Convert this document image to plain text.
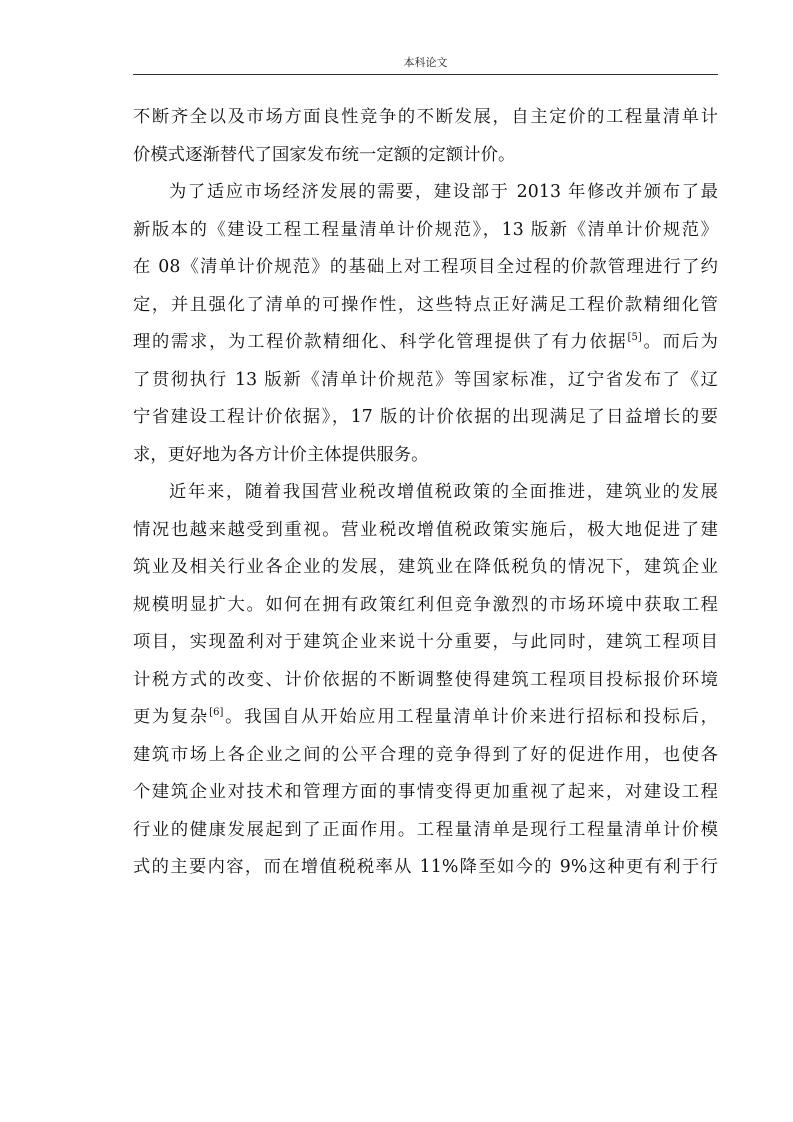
本科论文
不断齐全以及市场方面良性竞争的不断发展，自主定价的工程量清单计
价模式逐渐替代了国家发布统一定额的定额计价。
为了适应市场经济发展的需要，建设部于 2013 年修改并颁布了最
新版本的《建设工程工程量清单计价规范》，13 版新《清单计价规范》
在 08《清单计价规范》的基础上对工程项目全过程的价款管理进行了约
定，并且强化了清单的可操作性，这些特点正好满足工程价款精细化管
理的需求，为工程价款精细化、科学化管理提供了有力依据[5]。而后为
了贯彻执行 13 版新《清单计价规范》等国家标准，辽宁省发布了《辽
宁省建设工程计价依据》，17 版的计价依据的出现满足了日益增长的要
求，更好地为各方计价主体提供服务。
近年来，随着我国营业税改增值税政策的全面推进，建筑业的发展
情况也越来越受到重视。营业税改增值税政策实施后，极大地促进了建
筑业及相关行业各企业的发展，建筑业在降低税负的情况下，建筑企业
规模明显扩大。如何在拥有政策红利但竞争激烈的市场环境中获取工程
项目，实现盈利对于建筑企业来说十分重要，与此同时，建筑工程项目
计税方式的改变、计价依据的不断调整使得建筑工程项目投标报价环境
更为复杂[6]。我国自从开始应用工程量清单计价来进行招标和投标后，
建筑市场上各企业之间的公平合理的竞争得到了好的促进作用，也使各
个建筑企业对技术和管理方面的事情变得更加重视了起来，对建设工程
行业的健康发展起到了正面作用。工程量清单是现行工程量清单计价模
式的主要内容，而在增值税税率从 11%降至如今的 9%这种更有利于行
